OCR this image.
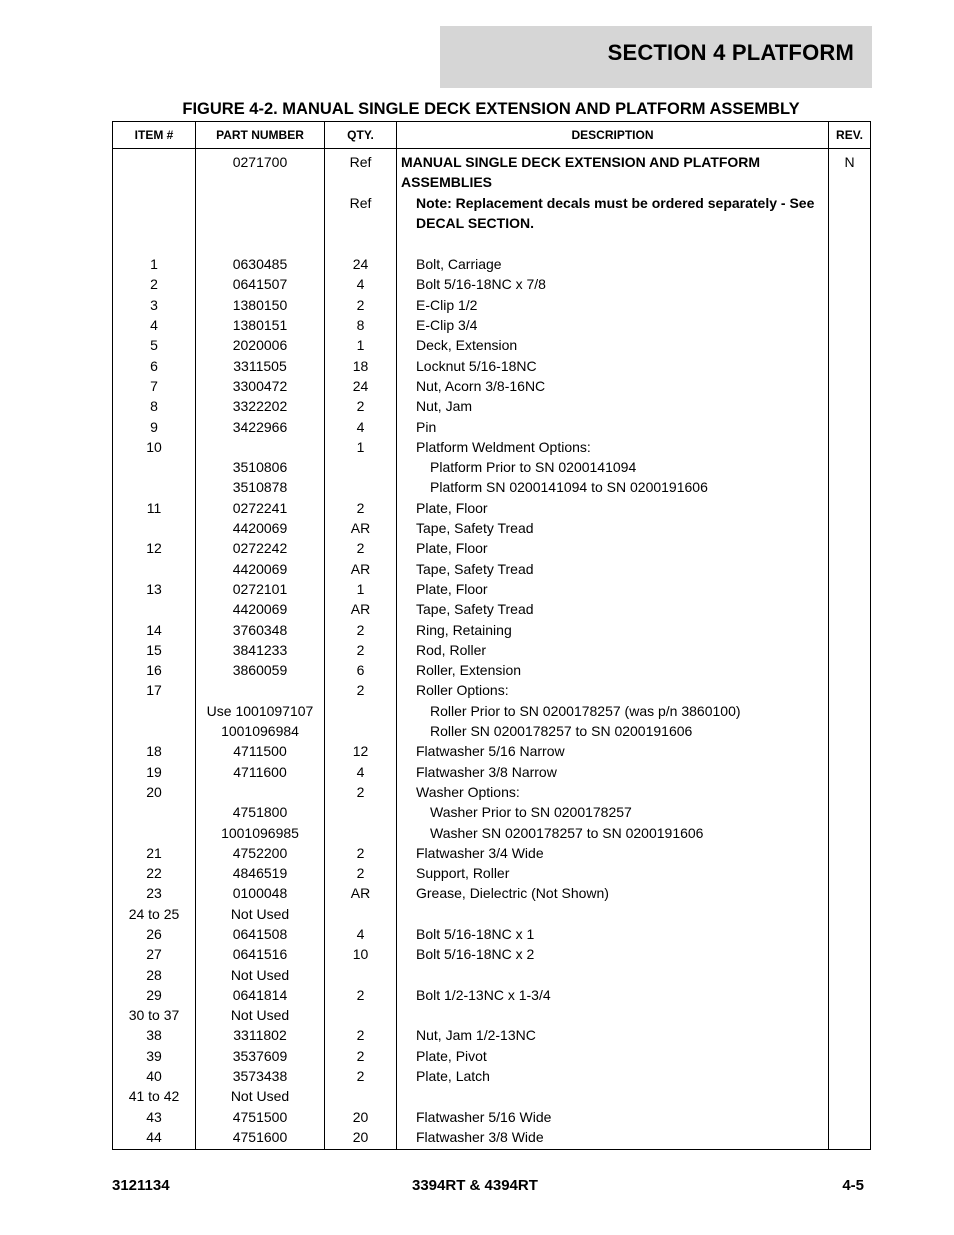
SECTION 4 PLATFORM
FIGURE 4-2. MANUAL SINGLE DECK EXTENSION AND PLATFORM ASSEMBLY
ITEM #	PART NUMBER	QTY.	DESCRIPTION	REV.
	0271700	Ref	MANUAL SINGLE DECK EXTENSION AND PLATFORM ASSEMBLIES	N
		Ref	Note: Replacement decals must be ordered separately - See DECAL SECTION.	

1	0630485	24	Bolt, Carriage	
2	0641507	4	Bolt 5/16-18NC x 7/8	
3	1380150	2	E-Clip 1/2	
4	1380151	8	E-Clip 3/4	
5	2020006	1	Deck, Extension	
6	3311505	18	Locknut 5/16-18NC	
7	3300472	24	Nut, Acorn 3/8-16NC	
8	3322202	2	Nut, Jam	
9	3422966	4	Pin	
10		1	Platform Weldment Options:	
	3510806		Platform Prior to SN 0200141094	
	3510878		Platform SN 0200141094 to SN 0200191606	
11	0272241	2	Plate, Floor	
	4420069	AR	Tape, Safety Tread	
12	0272242	2	Plate, Floor	
	4420069	AR	Tape, Safety Tread	
13	0272101	1	Plate, Floor	
	4420069	AR	Tape, Safety Tread	
14	3760348	2	Ring, Retaining	
15	3841233	2	Rod, Roller	
16	3860059	6	Roller, Extension	
17		2	Roller Options:	
	Use 1001097107		Roller Prior to SN 0200178257 (was p/n 3860100)	
	1001096984		Roller SN 0200178257 to SN 0200191606	
18	4711500	12	Flatwasher 5/16 Narrow	
19	4711600	4	Flatwasher 3/8 Narrow	
20		2	Washer Options:	
	4751800		Washer Prior to SN 0200178257	
	1001096985		Washer SN 0200178257 to SN 0200191606	
21	4752200	2	Flatwasher 3/4 Wide	
22	4846519	2	Support, Roller	
23	0100048	AR	Grease, Dielectric (Not Shown)	
24 to 25	Not Used			
26	0641508	4	Bolt 5/16-18NC x 1	
27	0641516	10	Bolt 5/16-18NC x 2	
28	Not Used			
29	0641814	2	Bolt 1/2-13NC x 1-3/4	
30 to 37	Not Used			
38	3311802	2	Nut, Jam 1/2-13NC	
39	3537609	2	Plate, Pivot	
40	3573438	2	Plate, Latch	
41 to 42	Not Used			
43	4751500	20	Flatwasher 5/16 Wide	
44	4751600	20	Flatwasher 3/8 Wide	
3121134	3394RT & 4394RT	4-5
